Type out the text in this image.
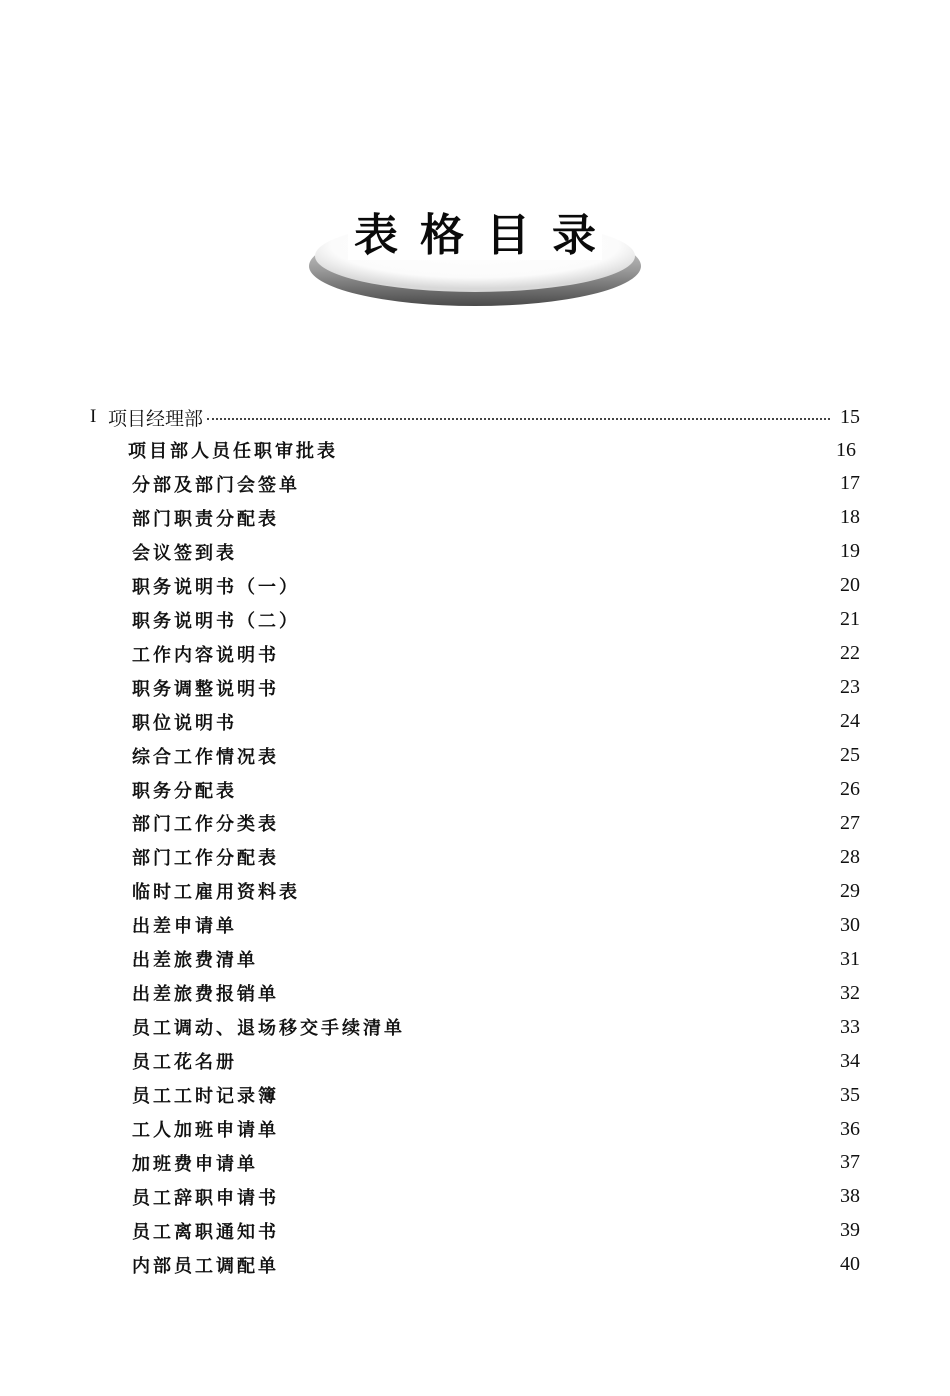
表格目录
I 项目经理部	15
项目部人员任职审批表	16
分部及部门会签单	17
部门职责分配表	18
会议签到表	19
职务说明书（一）	20
职务说明书（二）	21
工作内容说明书	22
职务调整说明书	23
职位说明书	24
综合工作情况表	25
职务分配表	26
部门工作分类表	27
部门工作分配表	28
临时工雇用资料表	29
出差申请单	30
出差旅费清单	31
出差旅费报销单	32
员工调动、退场移交手续清单	33
员工花名册	34
员工工时记录簿	35
工人加班申请单	36
加班费申请单	37
员工辞职申请书	38
员工离职通知书	39
内部员工调配单	40
